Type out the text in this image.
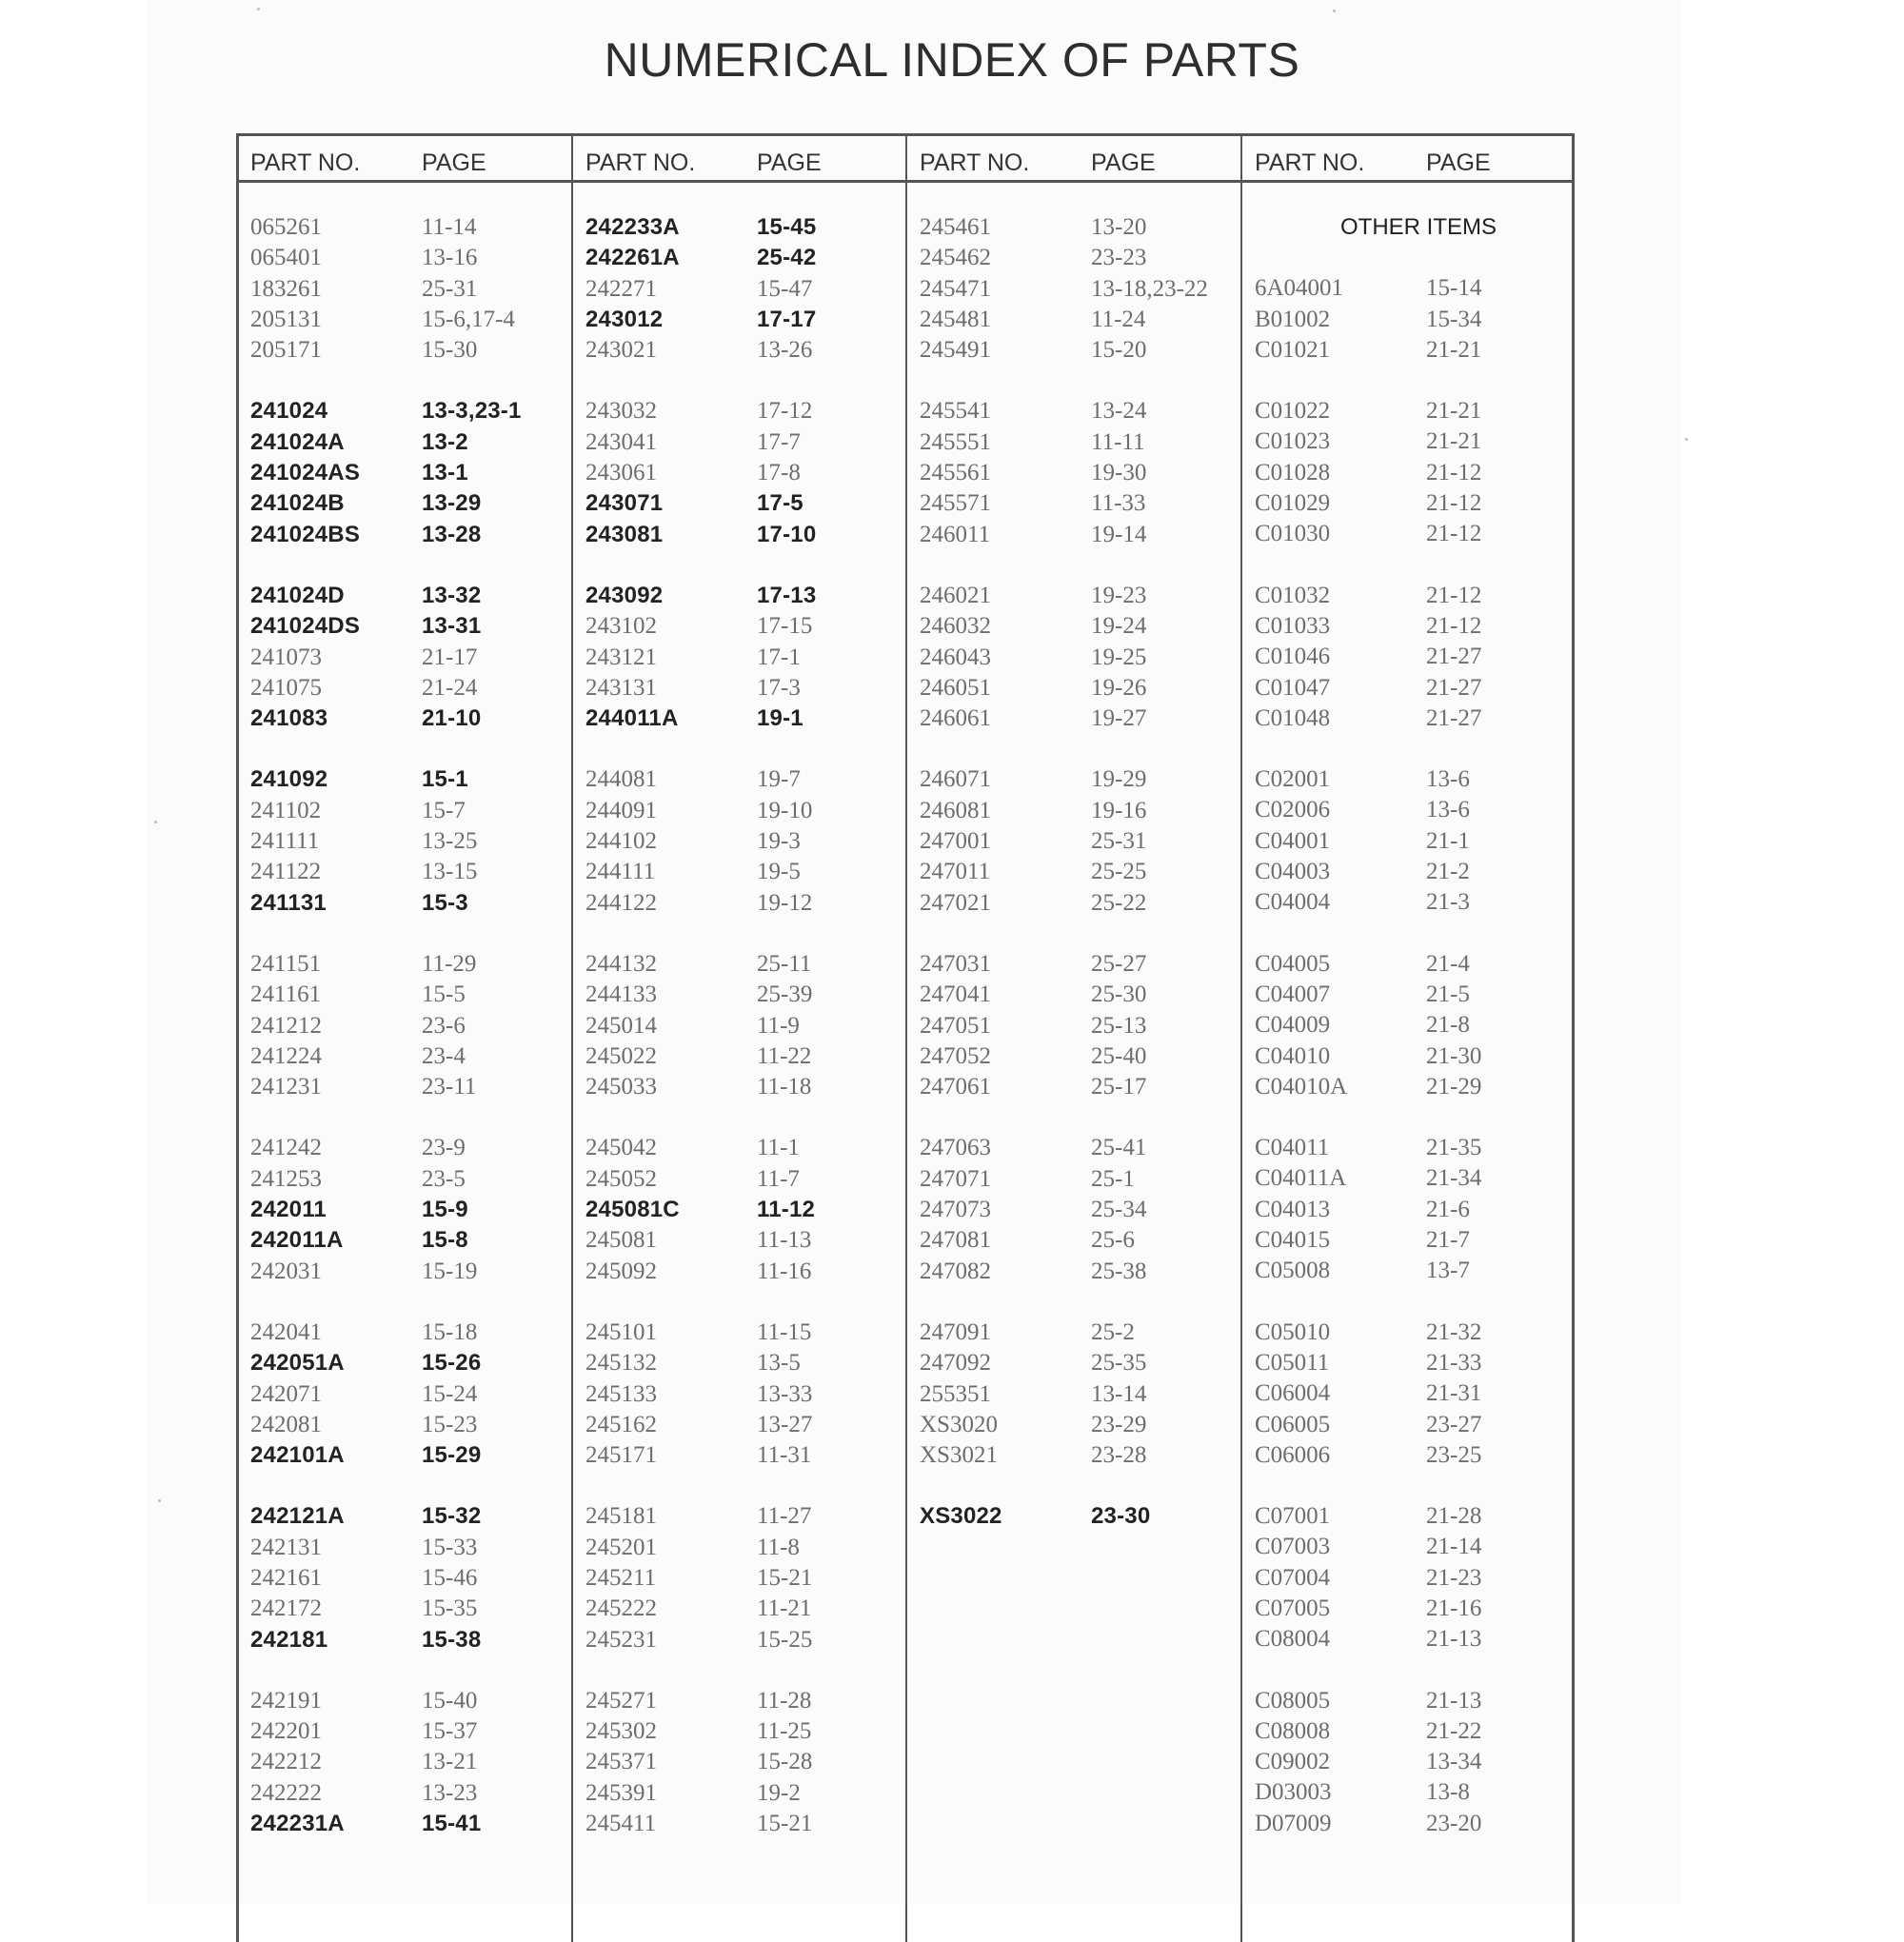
NUMERICAL INDEX OF PARTS
PART NO.	PAGE
065261	11-14
065401	13-16
183261	25-31
205131	15-6,17-4
205171	15-30
241024	13-3,23-1
241024A	13-2
241024AS	13-1
241024B	13-29
241024BS	13-28
241024D	13-32
241024DS	13-31
241073	21-17
241075	21-24
241083	21-10
241092	15-1
241102	15-7
241111	13-25
241122	13-15
241131	15-3
241151	11-29
241161	15-5
241212	23-6
241224	23-4
241231	23-11
241242	23-9
241253	23-5
242011	15-9
242011A	15-8
242031	15-19
242041	15-18
242051A	15-26
242071	15-24
242081	15-23
242101A	15-29
242121A	15-32
242131	15-33
242161	15-46
242172	15-35
242181	15-38
242191	15-40
242201	15-37
242212	13-21
242222	13-23
242231A	15-41
PART NO.	PAGE
242233A	15-45
242261A	25-42
242271	15-47
243012	17-17
243021	13-26
243032	17-12
243041	17-7
243061	17-8
243071	17-5
243081	17-10
243092	17-13
243102	17-15
243121	17-1
243131	17-3
244011A	19-1
244081	19-7
244091	19-10
244102	19-3
244111	19-5
244122	19-12
244132	25-11
244133	25-39
245014	11-9
245022	11-22
245033	11-18
245042	11-1
245052	11-7
245081C	11-12
245081	11-13
245092	11-16
245101	11-15
245132	13-5
245133	13-33
245162	13-27
245171	11-31
245181	11-27
245201	11-8
245211	15-21
245222	11-21
245231	15-25
245271	11-28
245302	11-25
245371	15-28
245391	19-2
245411	15-21
PART NO.	PAGE
245461	13-20
245462	23-23
245471	13-18,23-22
245481	11-24
245491	15-20
245541	13-24
245551	11-11
245561	19-30
245571	11-33
246011	19-14
246021	19-23
246032	19-24
246043	19-25
246051	19-26
246061	19-27
246071	19-29
246081	19-16
247001	25-31
247011	25-25
247021	25-22
247031	25-27
247041	25-30
247051	25-13
247052	25-40
247061	25-17
247063	25-41
247071	25-1
247073	25-34
247081	25-6
247082	25-38
247091	25-2
247092	25-35
255351	13-14
XS3020	23-29
XS3021	23-28
XS3022	23-30
PART NO.	PAGE
OTHER ITEMS
6A04001	15-14
B01002	15-34
C01021	21-21
C01022	21-21
C01023	21-21
C01028	21-12
C01029	21-12
C01030	21-12
C01032	21-12
C01033	21-12
C01046	21-27
C01047	21-27
C01048	21-27
C02001	13-6
C02006	13-6
C04001	21-1
C04003	21-2
C04004	21-3
C04005	21-4
C04007	21-5
C04009	21-8
C04010	21-30
C04010A	21-29
C04011	21-35
C04011A	21-34
C04013	21-6
C04015	21-7
C05008	13-7
C05010	21-32
C05011	21-33
C06004	21-31
C06005	23-27
C06006	23-25
C07001	21-28
C07003	21-14
C07004	21-23
C07005	21-16
C08004	21-13
C08005	21-13
C08008	21-22
C09002	13-34
D03003	13-8
D07009	23-20
